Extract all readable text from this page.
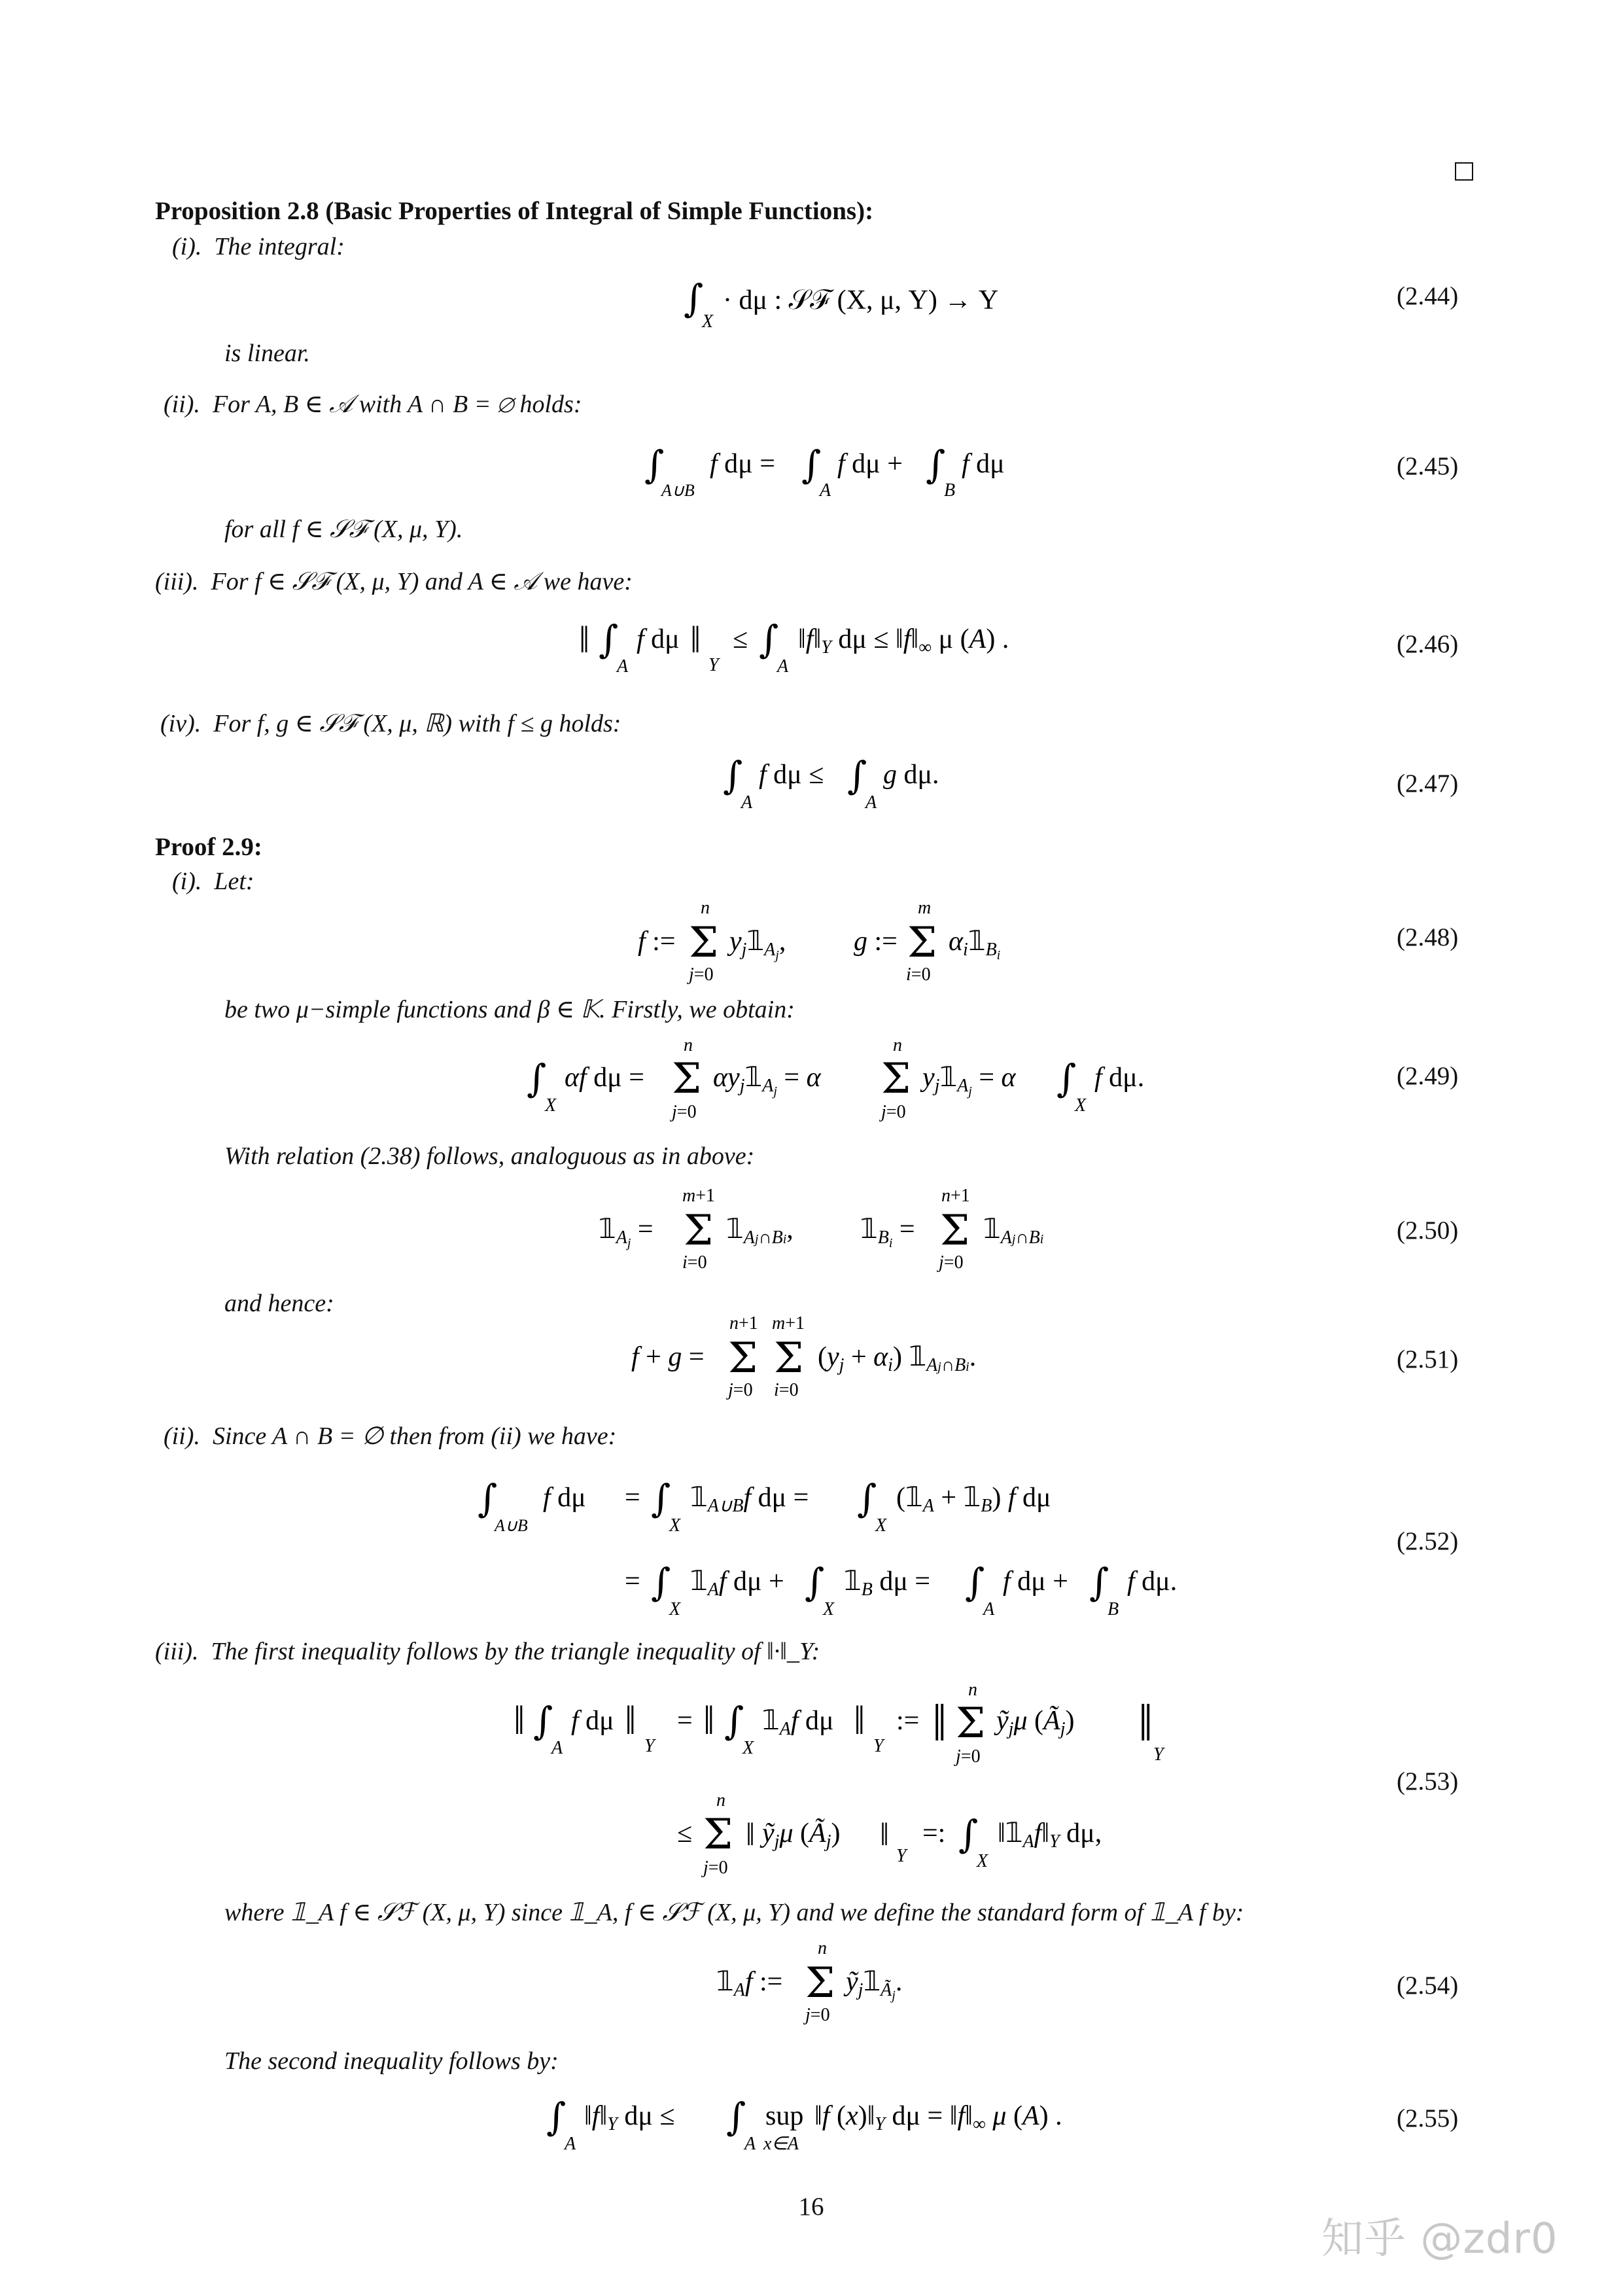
Proposition 2.8 (Basic Properties of Integral of Simple Functions):
(i). The integral:
∫
X
· dμ : 𝒮ℱ (X, μ, Y) → Y	(2.44)
is linear.
(ii). For A, B ∈ 𝒜 with A ∩ B = ∅ holds:
∫
A∪B
f dμ = ∫
A
f dμ + ∫
B
f dμ	(2.45)
for all f ∈ 𝒮ℱ (X, μ, Y).
(iii). For f ∈ 𝒮ℱ (X, μ, Y) and A ∈ 𝒜 we have:
‖ ∫
A
f dμ ‖
Y
≤ ∫
A
‖f‖Y dμ ≤ ‖f‖∞ μ (A) .	(2.46)
(iv). For f, g ∈ 𝒮ℱ (X, μ, ℝ) with f ≤ g holds:
∫
A
f dμ ≤ ∫
A
g dμ.	(2.47)
Proof 2.9:
(i). Let:
f :=
n
Σ
j=0
yj𝟙Aj, g :=
m
Σ
i=0
αi𝟙Bi
(2.48)
be two μ−simple functions and β ∈ 𝕂. Firstly, we obtain:
∫
X
αf dμ =
n
Σ
j=0
αyj𝟙Aj = α
n
Σ
j=0
yj𝟙Aj = α ∫
X
f dμ.	(2.49)
With relation (2.38) follows, analoguous as in above:
𝟙Aj =
m+1
Σ
i=0
𝟙Aj∩Bi, 𝟙Bi =
n+1
Σ
j=0
𝟙Aj∩Bi	(2.50)
and hence:
f + g =
n+1
Σ
j=0
m+1
Σ
i=0
(yj + αi) 𝟙Aj∩Bi.	(2.51)
(ii). Since A ∩ B = ∅ then from (ii) we have:
∫
A∪B
f dμ = ∫
X
𝟙A∪Bf dμ = ∫
X
(𝟙A + 𝟙B) f dμ
= ∫
X
𝟙Af dμ + ∫
X
𝟙B dμ = ∫
A
f dμ + ∫
B
f dμ.
(2.52)
(iii). The first inequality follows by the triangle inequality of ‖·‖_Y:
‖ ∫
A
f dμ ‖
Y
= ‖ ∫
X
𝟙Af dμ ‖
Y
:= ‖
n
Σ
j=0
ỹjμ (Ãj) ‖
Y
≤
n
Σ
j=0
‖ ỹjμ (Ãj) ‖
Y
=: ∫
X
‖𝟙Af‖Y dμ,
(2.53)
where 𝟙_A f ∈ 𝒮ℱ (X, μ, Y) since 𝟙_A, f ∈ 𝒮ℱ (X, μ, Y) and we define the standard form of 𝟙_A f by:
𝟙Af :=
n
Σ
j=0
ỹj𝟙Ãj.	(2.54)
The second inequality follows by:
∫
A
‖f‖Y dμ ≤ ∫
A
sup
x∈A
‖f (x)‖Y dμ = ‖f‖∞ μ (A) .	(2.55)
16
知乎 @zdr0
